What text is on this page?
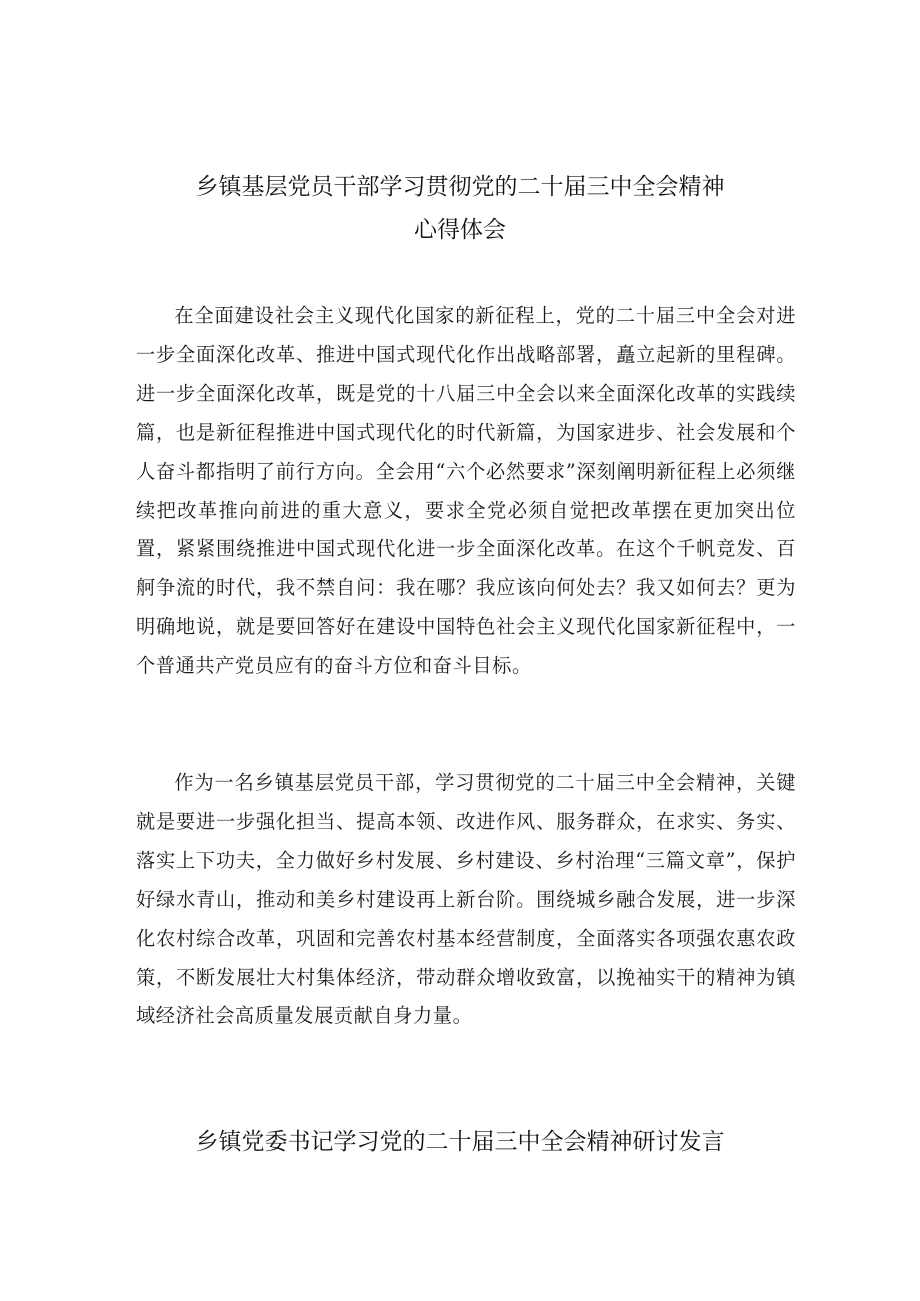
乡镇基层党员干部学习贯彻党的二十届三中全会精神
心得体会

在全面建设社会主义现代化国家的新征程上，党的二十届三中全会对进一步全面深化改革、推进中国式现代化作出战略部署，矗立起新的里程碑。进一步全面深化改革，既是党的十八届三中全会以来全面深化改革的实践续篇，也是新征程推进中国式现代化的时代新篇，为国家进步、社会发展和个人奋斗都指明了前行方向。全会用“六个必然要求”深刻阐明新征程上必须继续把改革推向前进的重大意义，要求全党必须自觉把改革摆在更加突出位置，紧紧围绕推进中国式现代化进一步全面深化改革。在这个千帆竞发、百舸争流的时代，我不禁自问：我在哪？我应该向何处去？我又如何去？更为明确地说，就是要回答好在建设中国特色社会主义现代化国家新征程中，一个普通共产党员应有的奋斗方位和奋斗目标。

作为一名乡镇基层党员干部，学习贯彻党的二十届三中全会精神，关键就是要进一步强化担当、提高本领、改进作风、服务群众，在求实、务实、落实上下功夫，全力做好乡村发展、乡村建设、乡村治理“三篇文章”，保护好绿水青山，推动和美乡村建设再上新台阶。围绕城乡融合发展，进一步深化农村综合改革，巩固和完善农村基本经营制度，全面落实各项强农惠农政策，不断发展壮大村集体经济，带动群众增收致富，以挽袖实干的精神为镇域经济社会高质量发展贡献自身力量。

乡镇党委书记学习党的二十届三中全会精神研讨发言
